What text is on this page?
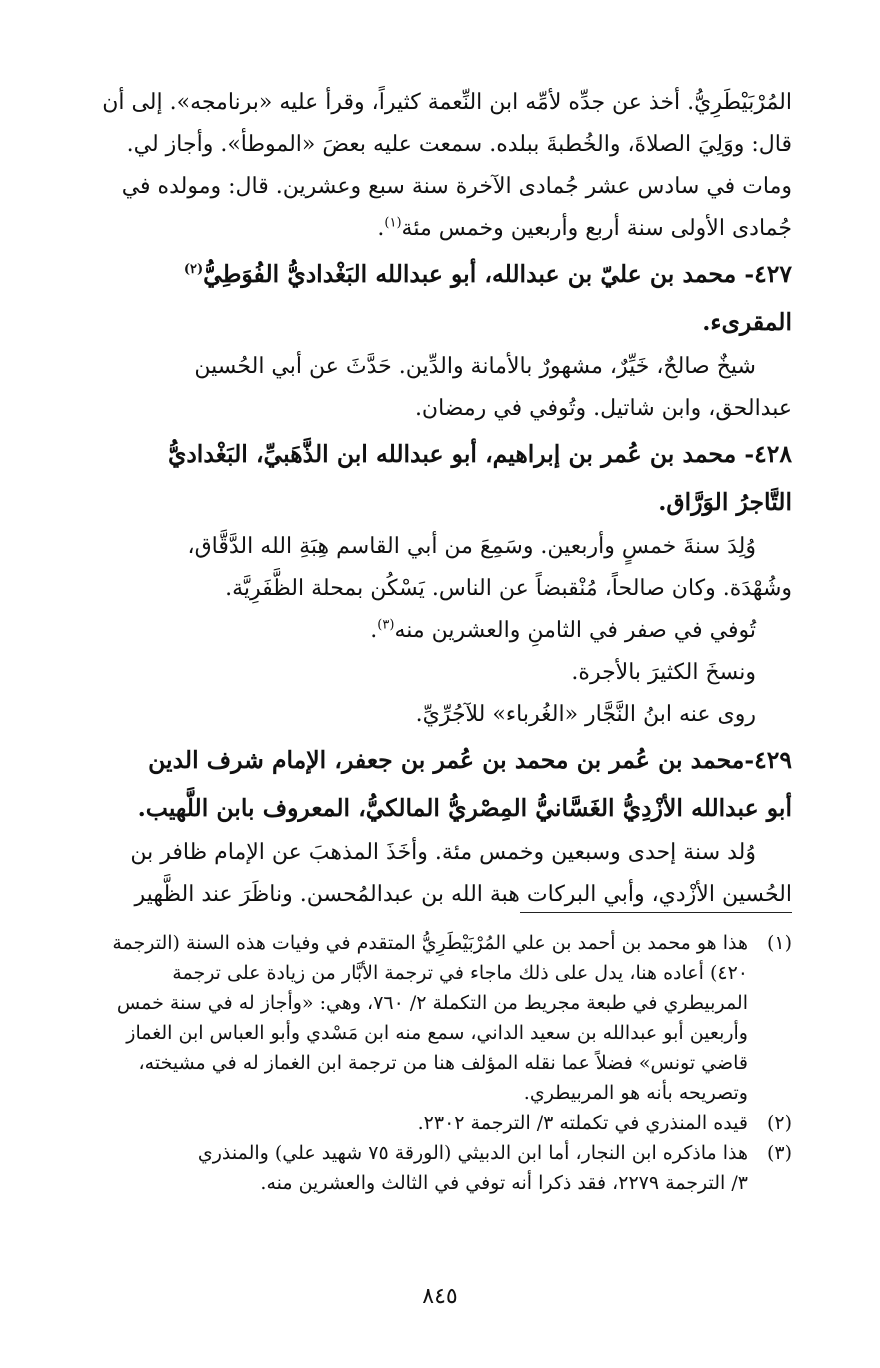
المُرْبَيْطَرِيُّ. أخذ عن جدِّه لأمِّه ابن النِّعمة كثيراً، وقرأ عليه «برنامجه». إلى أن
قال: ووَلِيَ الصلاةَ، والخُطبةَ ببلده. سمعت عليه بعضَ «الموطأ». وأجاز لي.
ومات في سادس عشر جُمادى الآخرة سنة سبع وعشرين. قال: ومولده في
جُمادى الأولى سنة أربع وأربعين وخمس مئة$^{(١)}$.

٤٢٧- محمد بن عليّ بن عبدالله، أبو عبدالله البَغْداديُّ الفُوَطِيُّ$^{(٢)}$
المقرىء.

شيخٌ صالحٌ، خَيِّرٌ، مشهورٌ بالأمانة والدِّين. حَدَّثَ عن أبي الحُسين
عبدالحق، وابن شاتيل. وتُوفي في رمضان.

٤٢٨- محمد بن عُمر بن إبراهيم، أبو عبدالله ابن الذَّهَبيِّ، البَغْداديُّ
التَّاجرُ الوَرَّاق.

وُلِدَ سنةَ خمسٍ وأربعين. وسَمِعَ من أبي القاسم هِبَةِ الله الدَّقَّاق،
وشُهْدَة. وكان صالحاً، مُنْقبضاً عن الناس. يَسْكُن بمحلة الظَّفَرِيَّة.

تُوفي في صفر في الثامنِ والعشرين منه$^{(٣)}$.

ونسخَ الكثيرَ بالأجرة.

روى عنه ابنُ النَّجَّار «الغُرباء» للآجُرِّيِّ.

٤٢٩-محمد بن عُمر بن محمد بن عُمر بن جعفر، الإمام شرف الدين
أبو عبدالله الأزْدِيُّ الغَسَّانيُّ المِصْريُّ المالكيُّ، المعروف بابن اللَّهيب.

وُلد سنة إحدى وسبعين وخمس مئة. وأخَذَ المذهبَ عن الإمام ظافر بن
الحُسين الأزْدي، وأبي البركات هبة الله بن عبدالمُحسن. وناظَرَ عند الظَّهير

(١)
هذا هو محمد بن أحمد بن علي المُرْبَيْطَرِيُّ المتقدم في وفيات هذه السنة (الترجمة
٤٢٠) أعاده هنا، يدل على ذلك ماجاء في ترجمة الأبَّار من زيادة على ترجمة
المربيطري في طبعة مجريط من التكملة ٢/ ٧٦٠، وهي: «وأجاز له في سنة خمس
وأربعين أبو عبدالله بن سعيد الداني، سمع منه ابن مَسْدي وأبو العباس ابن الغماز
قاضي تونس» فضلاً عما نقله المؤلف هنا من ترجمة ابن الغماز له في مشيخته،
وتصريحه بأنه هو المربيطري.
(٢)
قيده المنذري في تكملته ٣/ الترجمة ٢٣٠٢.
(٣)
هذا ماذكره ابن النجار، أما ابن الدبيثي (الورقة ٧٥ شهيد علي) والمنذري
٣/ الترجمة ٢٢٧٩، فقد ذكرا أنه توفي في الثالث والعشرين منه.
٨٤٥
